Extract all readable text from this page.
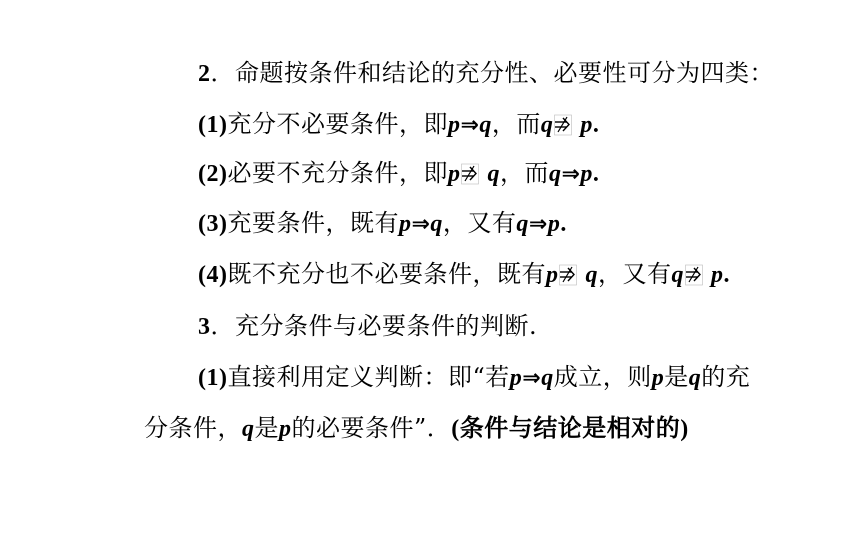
2．命题按条件和结论的充分性、必要性可分为四类：
(1)充分不必要条件，即p⇒q，而q p.
(2)必要不充分条件，即p q，而q⇒p.
(3)充要条件，既有p⇒q，又有q⇒p.
(4)既不充分也不必要条件，既有p q，又有q p.
3．充分条件与必要条件的判断.
(1)直接利用定义判断：即“若p⇒q成立，则p是q的充
分条件，q是p的必要条件”．(条件与结论是相对的)
